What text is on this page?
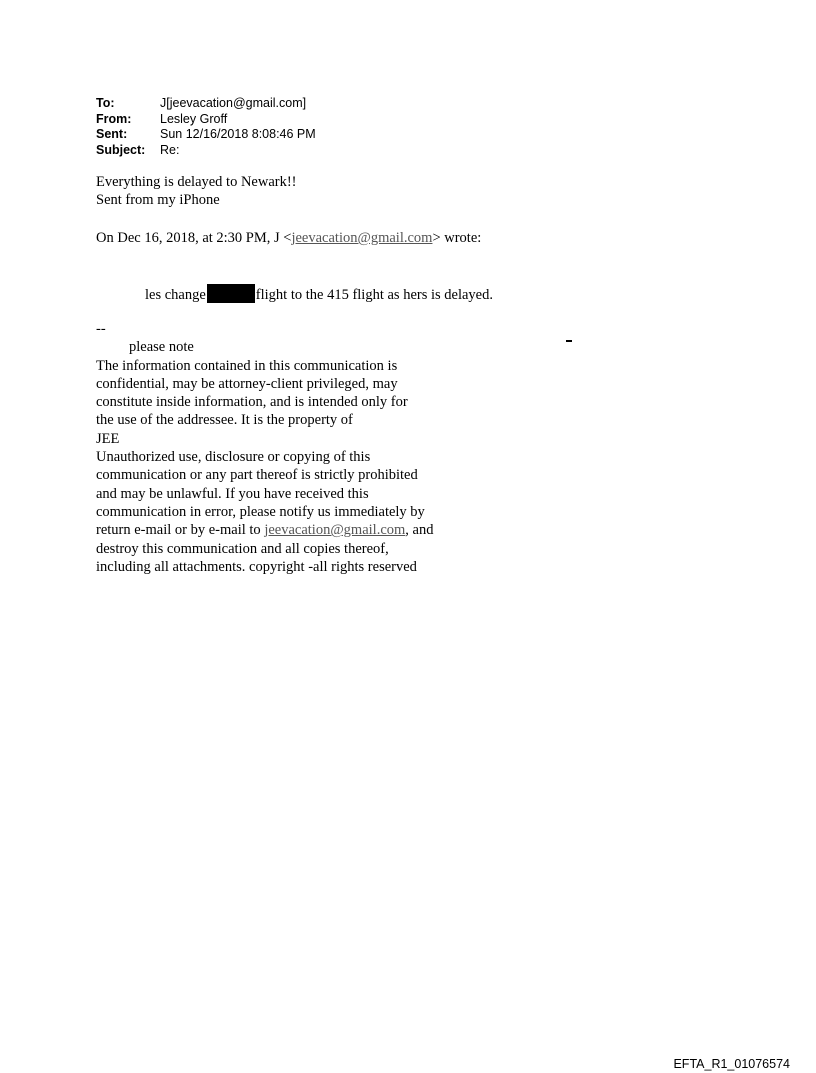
To:	J[jeevacation@gmail.com]
From:	Lesley Groff
Sent:	Sun 12/16/2018 8:08:46 PM
Subject:	Re:
Everything is delayed to Newark!!
Sent from my iPhone
On Dec 16, 2018, at 2:30 PM, J <jeevacation@gmail.com> wrote:
les change	flight to the 415 flight as hers is delayed.
--
please note
The information contained in this communication is
confidential, may be attorney-client privileged, may
constitute inside information, and is intended only for
the use of the addressee. It is the property of
JEE
Unauthorized use, disclosure or copying of this
communication or any part thereof is strictly prohibited
and may be unlawful. If you have received this
communication in error, please notify us immediately by
return e-mail or by e-mail to jeevacation@gmail.com, and
destroy this communication and all copies thereof,
including all attachments. copyright -all rights reserved
EFTA_R1_01076574
